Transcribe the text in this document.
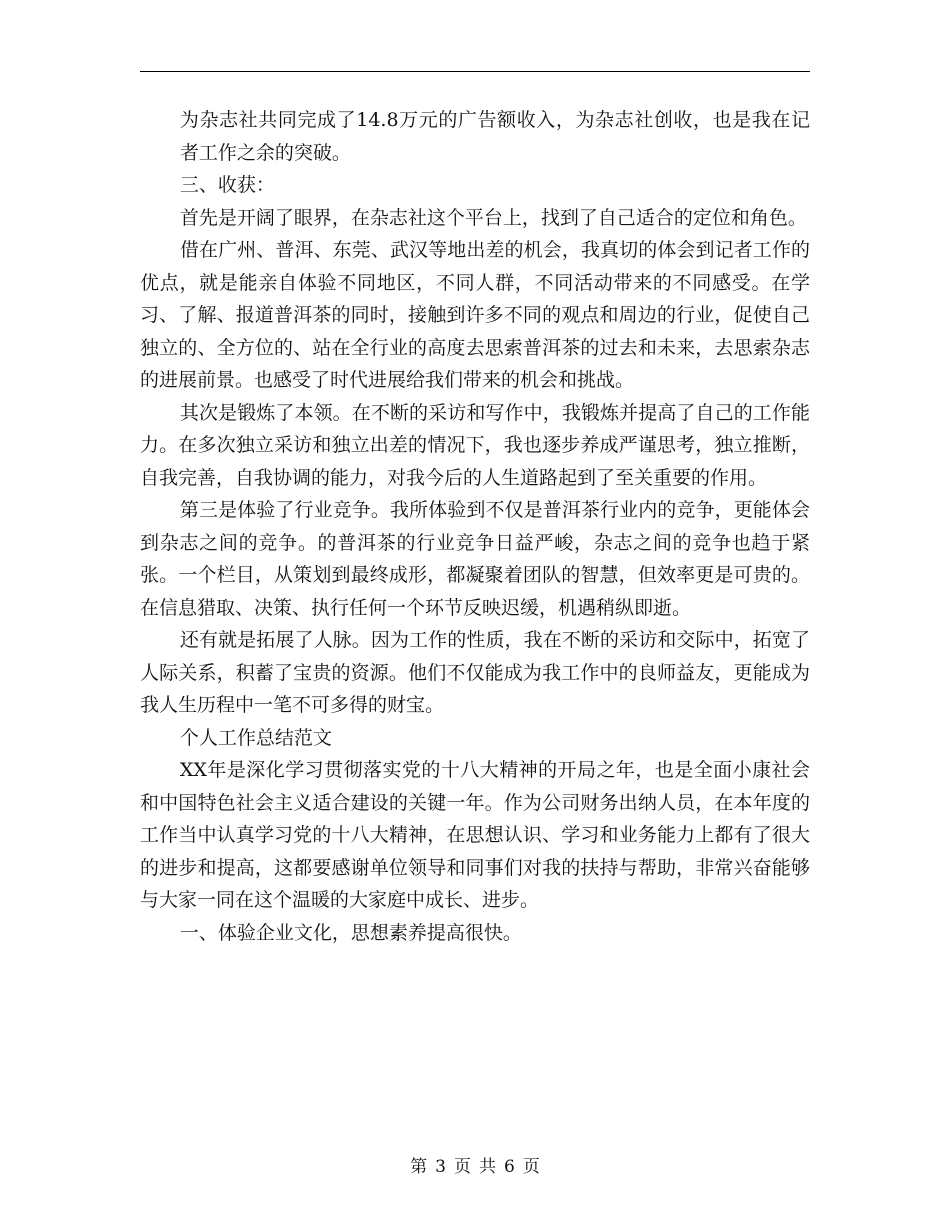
为杂志社共同完成了14.8万元的广告额收入，为杂志社创收，也是我在记者工作之余的突破。

三、收获：

首先是开阔了眼界，在杂志社这个平台上，找到了自己适合的定位和角色。

借在广州、普洱、东莞、武汉等地出差的机会，我真切的体会到记者工作的优点，就是能亲自体验不同地区，不同人群，不同活动带来的不同感受。在学习、了解、报道普洱茶的同时，接触到许多不同的观点和周边的行业，促使自己独立的、全方位的、站在全行业的高度去思索普洱茶的过去和未来，去思索杂志的进展前景。也感受了时代进展给我们带来的机会和挑战。

其次是锻炼了本领。在不断的采访和写作中，我锻炼并提高了自己的工作能力。在多次独立采访和独立出差的情况下，我也逐步养成严谨思考，独立推断，自我完善，自我协调的能力，对我今后的人生道路起到了至关重要的作用。

第三是体验了行业竞争。我所体验到不仅是普洱茶行业内的竞争，更能体会到杂志之间的竞争。的普洱茶的行业竞争日益严峻，杂志之间的竞争也趋于紧张。一个栏目，从策划到最终成形，都凝聚着团队的智慧，但效率更是可贵的。在信息猎取、决策、执行任何一个环节反映迟缓，机遇稍纵即逝。

还有就是拓展了人脉。因为工作的性质，我在不断的采访和交际中，拓宽了人际关系，积蓄了宝贵的资源。他们不仅能成为我工作中的良师益友，更能成为我人生历程中一笔不可多得的财宝。

个人工作总结范文

XX年是深化学习贯彻落实党的十八大精神的开局之年，也是全面小康社会和中国特色社会主义适合建设的关键一年。作为公司财务出纳人员，在本年度的工作当中认真学习党的十八大精神，在思想认识、学习和业务能力上都有了很大的进步和提高，这都要感谢单位领导和同事们对我的扶持与帮助，非常兴奋能够与大家一同在这个温暖的大家庭中成长、进步。

一、体验企业文化，思想素养提高很快。

第 3 页 共 6 页
